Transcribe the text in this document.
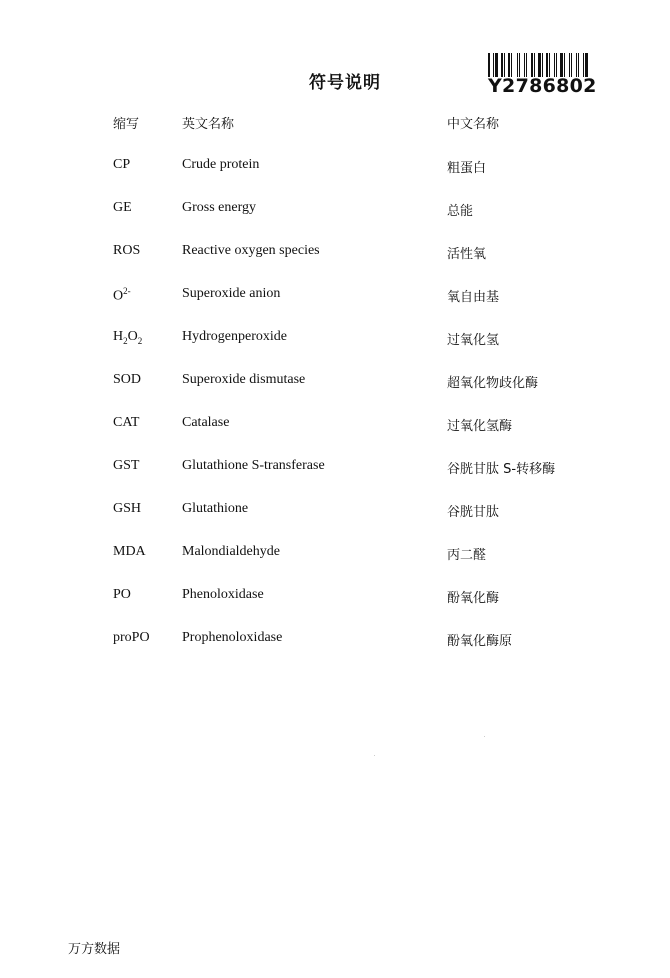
符号说明	Y2786802
缩写	英文名称	中文名称
CP	Crude protein	粗蛋白
GE	Gross energy	总能
ROS	Reactive oxygen species	活性氧
$O^{2-}$	Superoxide anion	氧自由基
$H_2O_2$	Hydrogenperoxide	过氧化氢
SOD	Superoxide dismutase	超氧化物歧化酶
CAT	Catalase	过氧化氢酶
GST	Glutathione S-transferase	谷胱甘肽 S-转移酶
GSH	Glutathione	谷胱甘肽
MDA	Malondialdehyde	丙二醛
PO	Phenoloxidase	酚氧化酶
proPO Prophenoloxidase	酚氧化酶原
万方数据
